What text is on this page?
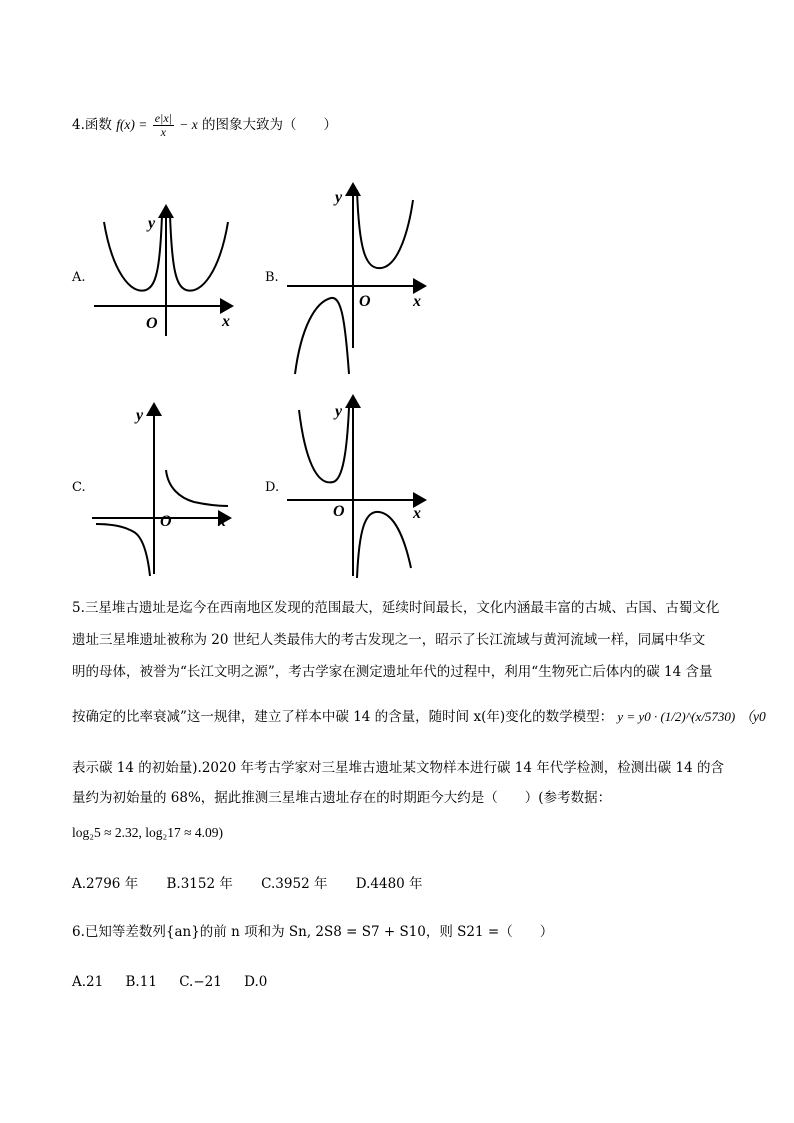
4.函数 $f(x) = \frac{e|x|}{x} - x$ 的图象大致为（　　）
A.	B.
C.	D.
y
x
O
y
x
O
y
x
O
y
x
O
5.三星堆古遗址是迄今在西南地区发现的范围最大，延续时间最长，文化内涵最丰富的古城、古国、古蜀文化
遗址三星堆遗址被称为 20 世纪人类最伟大的考古发现之一，昭示了长江流域与黄河流域一样，同属中华文
明的母体，被誉为“长江文明之源”，考古学家在测定遗址年代的过程中，利用“生物死亡后体内的碳 14 含量
按确定的比率衰减”这一规律，建立了样本中碳 14 的含量，随时间 x(年)变化的数学模型： y = y0 · (1/2)^(x/5730) （y0
表示碳 14 的初始量).2020 年考古学家对三星堆古遗址某文物样本进行碳 14 年代学检测，检测出碳 14 的含
量约为初始量的 68%，据此推测三星堆古遗址存在的时期距今大约是（　　）(参考数据：
log₂5 ≈ 2.32, log₂17 ≈ 4.09)
A.2796 年 B.3152 年 C.3952 年 D.4480 年
6.已知等差数列{an}的前 n 项和为 Sn, 2S8 = S7 + S10，则 S21 =（　　）
A.21 B.11 C.−21 D.0
